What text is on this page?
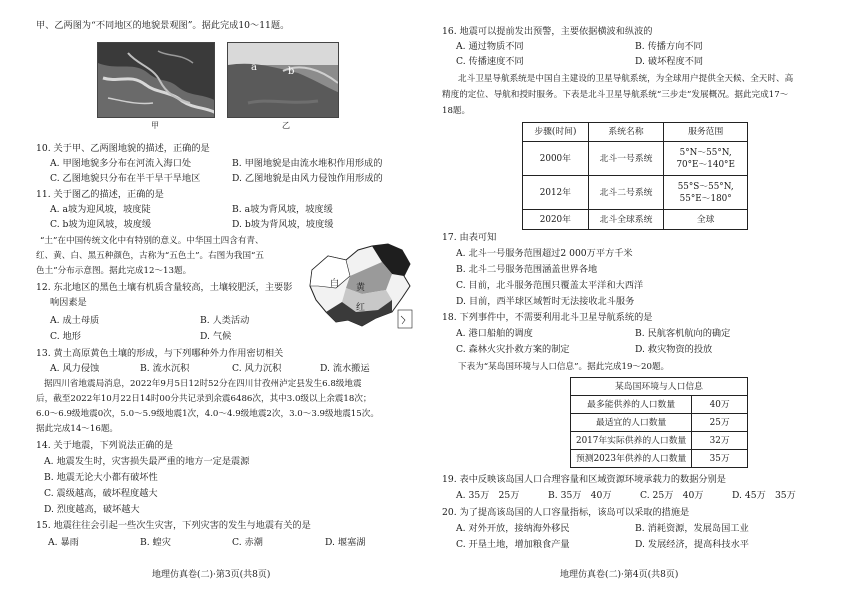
甲、乙两图为“不同地区的地貌景观图”。据此完成10～11题。
甲
a	b
乙
10. 关于甲、乙两图地貌的描述，正确的是
A. 甲图地貌多分布在河流入海口处	B. 甲图地貌是由流水堆积作用形成的
C. 乙图地貌只分布在半干旱干旱地区	D. 乙图地貌是由风力侵蚀作用形成的
11. 关于图乙的描述，正确的是
A. a坡为迎风坡，坡度陡	B. a坡为背风坡，坡度缓
C. b坡为迎风坡，坡度缓	D. b坡为背风坡，坡度缓
“土”在中国传统文化中有特别的意义。中华国土四含有青、
红、黄、白、黑五种颜色，古称为“五色土”。右图为我国“五
色土”分布示意图。据此完成12～13题。
白 黄
红
12. 东北地区的黑色土壤有机质含量较高，土壤较肥沃，主要影
响因素是
A. 成土母质	B. 人类活动
C. 地形	D. 气候
13. 黄土高原黄色土壤的形成，与下列哪种外力作用密切相关
A. 风力侵蚀	B. 流水沉积	C. 风力沉积	D. 流水搬运
据四川省地震局消息，2022年9月5日12时52分在四川甘孜州泸定县发生6.8级地震
后，截至2022年10月22日14时00分共记录到余震6486次，其中3.0级以上余震18次；
6.0～6.9级地震0次，5.0～5.9级地震1次，4.0～4.9级地震2次，3.0～3.9级地震15次。
据此完成14～16题。
14. 关于地震，下列说法正确的是
A. 地震发生时，灾害损失最严重的地方一定是震源
B. 地震无论大小都有破坏性
C. 震级越高，破坏程度越大
D. 烈度越高，破坏越大
15. 地震往往会引起一些次生灾害，下列灾害的发生与地震有关的是
A. 暴雨	B. 蝗灾	C. 赤潮	D. 堰塞湖
地理仿真卷(二)·第3页(共8页)
16. 地震可以提前发出预警，主要依据横波和纵波的
A. 通过物质不同	B. 传播方向不同
C. 传播速度不同	D. 破坏程度不同
北斗卫星导航系统是中国自主建设的卫星导航系统，为全球用户提供全天候、全天时、高
精度的定位、导航和授时服务。下表是北斗卫星导航系统“三步走”发展概况。据此完成17～
18题。
步骤(时间)	系统名称	服务范围
2000年	北斗一号系统	5°N～55°N,
70°E～140°E

2012年	北斗二号系统	55°S～55°N,
55°E～180°

2020年	北斗全球系统	全球
17. 由表可知
A. 北斗一号服务范围超过2 000万平方千米
B. 北斗二号服务范围涵盖世界各地
C. 目前，北斗服务范围只覆盖太平洋和大西洋
D. 目前，西半球区域暂时无法接收北斗服务
18. 下列事件中，不需要利用北斗卫星导航系统的是
A. 港口船舶的调度	B. 民航客机航向的确定
C. 森林火灾扑救方案的制定	D. 救灾物资的投放
下表为“某岛国环境与人口信息”。据此完成19～20题。
某岛国环境与人口信息	
最多能供养的人口数量	40万
最适宜的人口数量	25万
2017年实际供养的人口数量	32万
预测2023年供养的人口数量	35万
19. 表中反映该岛国人口合理容量和区域资源环境承载力的数据分别是
A. 35万　25万	B. 35万　40万	C. 25万　40万	D. 45万　35万
20. 为了提高该岛国的人口容量指标，该岛可以采取的措施是
A. 对外开放，接纳海外移民	B. 消耗资源，发展岛国工业
C. 开垦土地，增加粮食产量	D. 发展经济，提高科技水平
地理仿真卷(二)·第4页(共8页)
